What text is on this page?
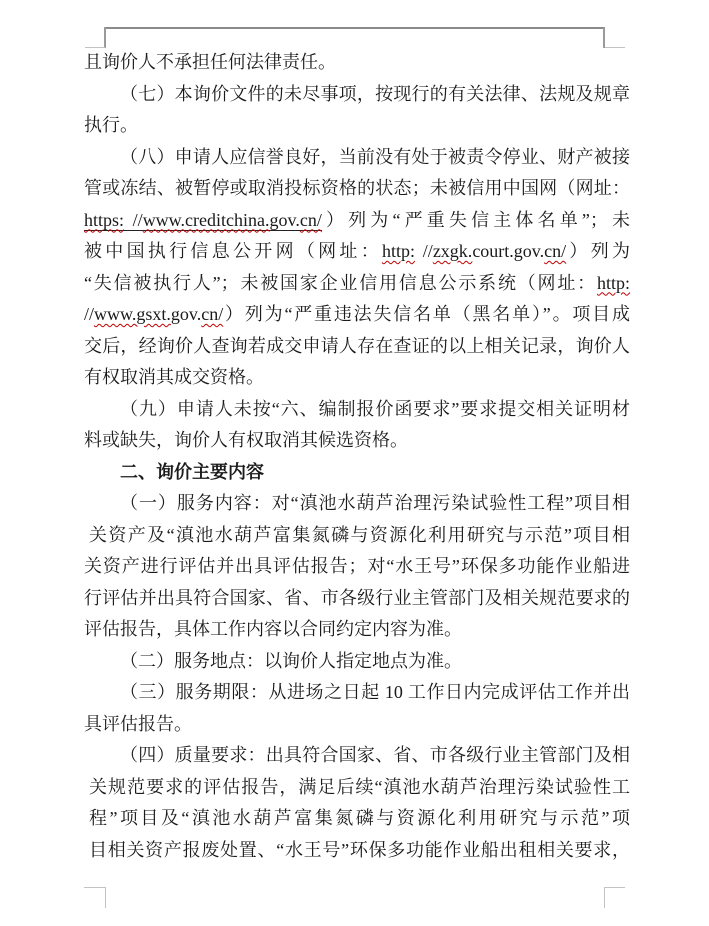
且询价人不承担任何法律责任。
（七）本询价文件的未尽事项，按现行的有关法律、法规及规章
执行。
（八）申请人应信誉良好，当前没有处于被责令停业、财产被接
管或冻结、被暂停或取消投标资格的状态；未被信用中国网（网址：
https: //www.creditchina.gov.cn/）列为“严重失信主体名单”；未
被中国执行信息公开网（网址：http: //zxgk.court.gov.cn/）列为
“失信被执行人”；未被国家企业信用信息公示系统（网址：http:
//www.gsxt.gov.cn/）列为“严重违法失信名单（黑名单）”。项目成
交后，经询价人查询若成交申请人存在查证的以上相关记录，询价人
有权取消其成交资格。
（九）申请人未按“六、编制报价函要求”要求提交相关证明材
料或缺失，询价人有权取消其候选资格。
二、询价主要内容
（一）服务内容：对“滇池水葫芦治理污染试验性工程”项目相
关资产及“滇池水葫芦富集氮磷与资源化利用研究与示范”项目相
关资产进行评估并出具评估报告；对“水王号”环保多功能作业船进
行评估并出具符合国家、省、市各级行业主管部门及相关规范要求的
评估报告，具体工作内容以合同约定内容为准。
（二）服务地点：以询价人指定地点为准。
（三）服务期限：从进场之日起 10 工作日内完成评估工作并出
具评估报告。
（四）质量要求：出具符合国家、省、市各级行业主管部门及相
关规范要求的评估报告，满足后续“滇池水葫芦治理污染试验性工
程”项目及“滇池水葫芦富集氮磷与资源化利用研究与示范”项
目相关资产报废处置、“水王号”环保多功能作业船出租相关要求，
